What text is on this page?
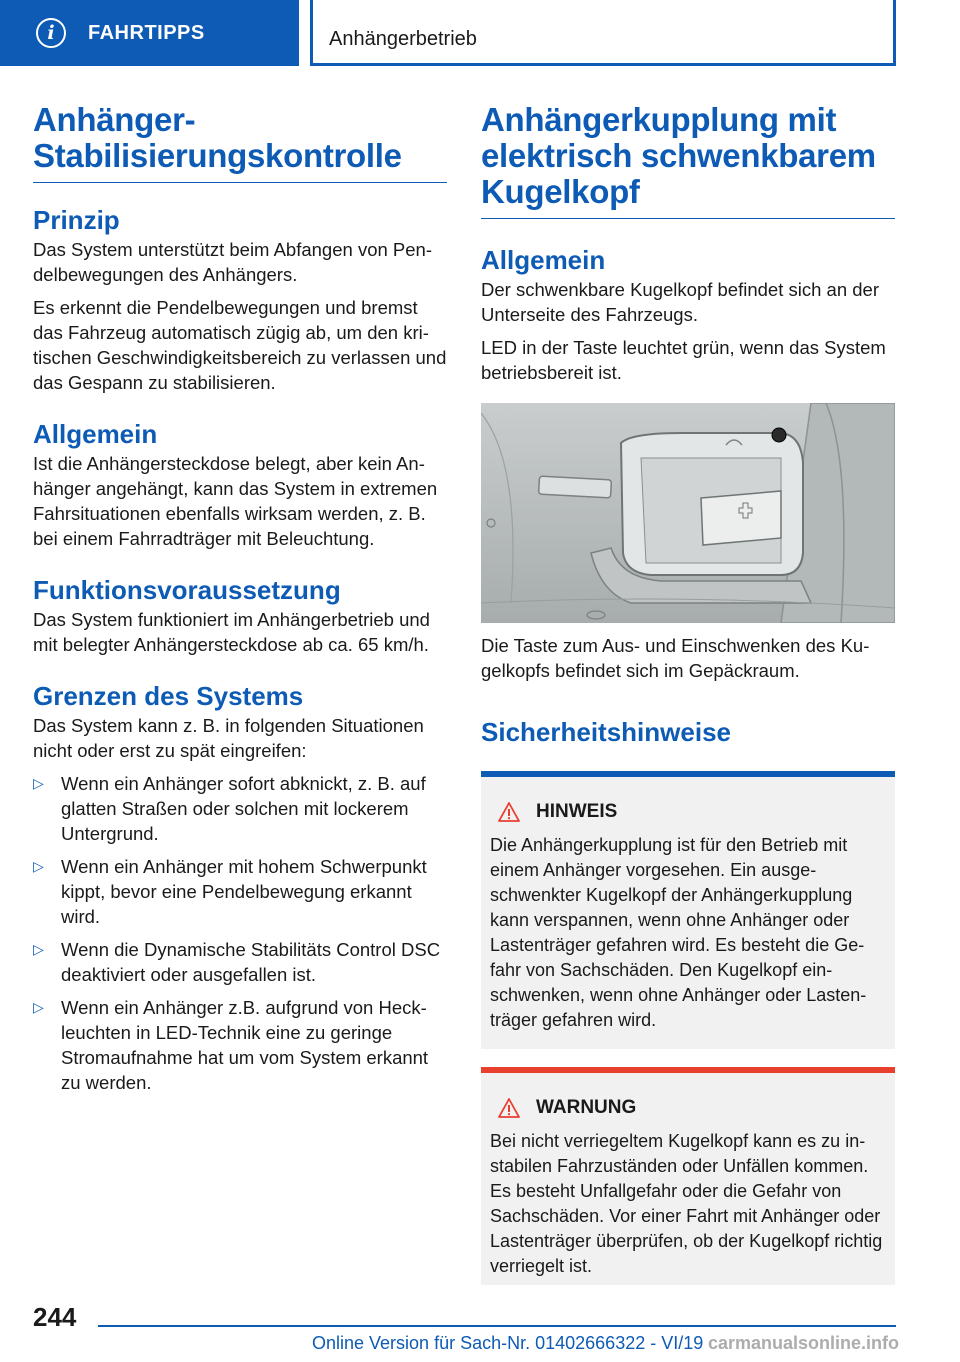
i	FAHRTIPPS	Anhängerbetrieb
Anhänger-Stabilisierungskontrolle
Prinzip

Das System unterstützt beim Abfangen von Pendelbewegungen des Anhängers.

Es erkennt die Pendelbewegungen und bremst das Fahrzeug automatisch zügig ab, um den kritischen Geschwindigkeitsbereich zu verlassen und das Gespann zu stabilisieren.

Allgemein

Ist die Anhängersteckdose belegt, aber kein Anhänger angehängt, kann das System in extremen Fahrsituationen ebenfalls wirksam werden, z. B. bei einem Fahrradträger mit Beleuchtung.

Funktionsvoraussetzung

Das System funktioniert im Anhängerbetrieb und mit belegter Anhängersteckdose ab ca. 65 km/h.

Grenzen des Systems

Das System kann z. B. in folgenden Situationen nicht oder erst zu spät eingreifen:

▷ Wenn ein Anhänger sofort abknickt, z. B. auf glatten Straßen oder solchen mit lockerem Untergrund.
▷ Wenn ein Anhänger mit hohem Schwerpunkt kippt, bevor eine Pendelbewegung erkannt wird.
▷ Wenn die Dynamische Stabilitäts Control DSC deaktiviert oder ausgefallen ist.
▷ Wenn ein Anhänger z.B. aufgrund von Heckleuchten in LED-Technik eine zu geringe Stromaufnahme hat um vom System erkannt zu werden.
Anhängerkupplung mit elektrisch schwenkbarem Kugelkopf
Allgemein

Der schwenkbare Kugelkopf befindet sich an der Unterseite des Fahrzeugs.

LED in der Taste leuchtet grün, wenn das System betriebsbereit ist.

Die Taste zum Aus- und Einschwenken des Kugelkopfs befindet sich im Gepäckraum.

Sicherheitshinweise
HINWEIS

Die Anhängerkupplung ist für den Betrieb mit einem Anhänger vorgesehen. Ein ausgeschwenkter Kugelkopf der Anhängerkupplung kann verspannen, wenn ohne Anhänger oder Lastenträger gefahren wird. Es besteht die Gefahr von Sachschäden. Den Kugelkopf einschwenken, wenn ohne Anhänger oder Lastenträger gefahren wird.

WARNUNG

Bei nicht verriegeltem Kugelkopf kann es zu instabilen Fahrzuständen oder Unfällen kommen. Es besteht Unfallgefahr oder die Gefahr von Sachschäden. Vor einer Fahrt mit Anhänger oder Lastenträger überprüfen, ob der Kugelkopf richtig verriegelt ist.

244
Online Version für Sach-Nr. 01402666322 - VI/19 carmanualsonline.info
